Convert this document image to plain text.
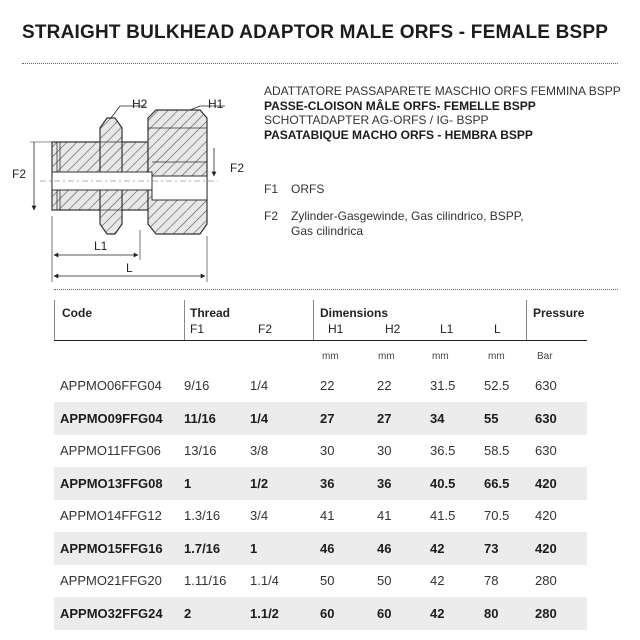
STRAIGHT BULKHEAD ADAPTOR MALE ORFS - FEMALE BSPP
H2	H1
F2	F2
L1
L
ADATTATORE PASSAPARETE MASCHIO ORFS FEMMINA BSPP
PASSE-CLOISON MÂLE ORFS- FEMELLE BSPP
SCHOTTADAPTER AG-ORFS / IG- BSPP
PASATABIQUE MACHO ORFS - HEMBRA BSPP
F1 ORFS
F2 Zylinder-Gasgewinde, Gas cilindrico, BSPP,
Gas cilindrica
Code	Thread	Dimensions	Pressure
F1	F2	H1	H2	L1	L
mm	mm	mm	mm	Bar
APPMO06FFG04 9/16	1/4	22	22	31.5 52.5 630
APPMO09FFG04 11/16	1/4	27	27	34	55	630
APPMO11FFG06 13/16	3/8	30	30	36.5 58.5 630
APPMO13FFG08 1	1/2	36	36	40.5 66.5 420
APPMO14FFG12 1.3/16 3/4	41	41	41.5 70.5 420
APPMO15FFG16 1.7/16 1	46	46	42	73	420
APPMO21FFG20 1.11/16 1.1/4	50	50	42	78	280
APPMO32FFG24 2	1.1/2	60	60	42	80	280
